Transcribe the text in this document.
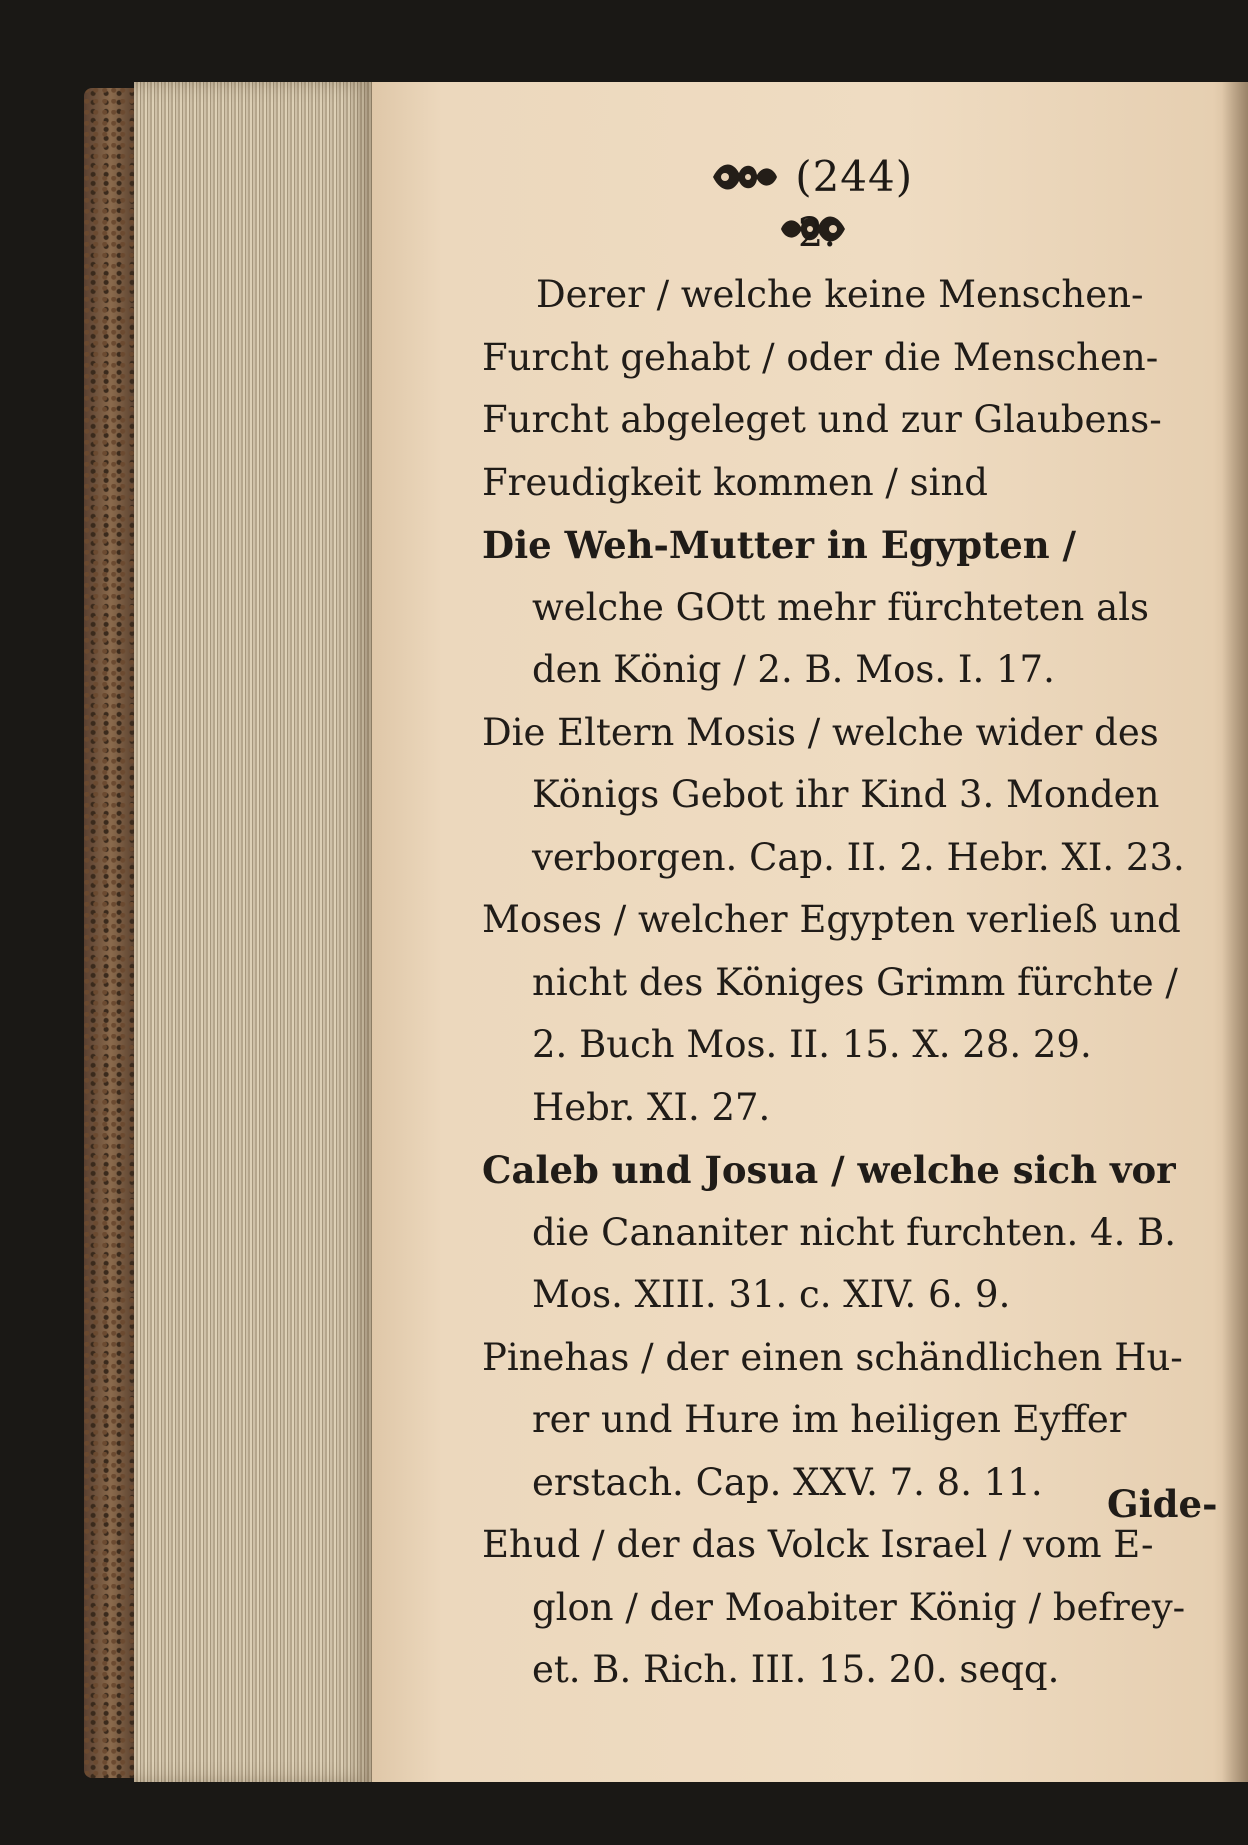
(244)
2.
Derer / welche keine Menschen-
Furcht gehabt / oder die Menschen-
Furcht abgeleget und zur Glaubens-
Freudigkeit kommen / sind
Die Weh-Mutter in Egypten /
welche GOtt mehr fürchteten als
den König / 2. B. Mos. I. 17.
Die Eltern Mosis / welche wider des
Königs Gebot ihr Kind 3. Monden
verborgen. Cap. II. 2. Hebr. XI. 23.
Moses / welcher Egypten verließ und
nicht des Königes Grimm fürchte /
2. Buch Mos. II. 15. X. 28. 29.
Hebr. XI. 27.
Caleb und Josua / welche sich vor
die Cananiter nicht furchten. 4. B.
Mos. XIII. 31. c. XIV. 6. 9.
Pinehas / der einen schändlichen Hu-
rer und Hure im heiligen Eyffer
erstach. Cap. XXV. 7. 8. 11.
Ehud / der das Volck Israel / vom E-
glon / der Moabiter König / befrey-
et. B. Rich. III. 15. 20. seqq.
Gide-
